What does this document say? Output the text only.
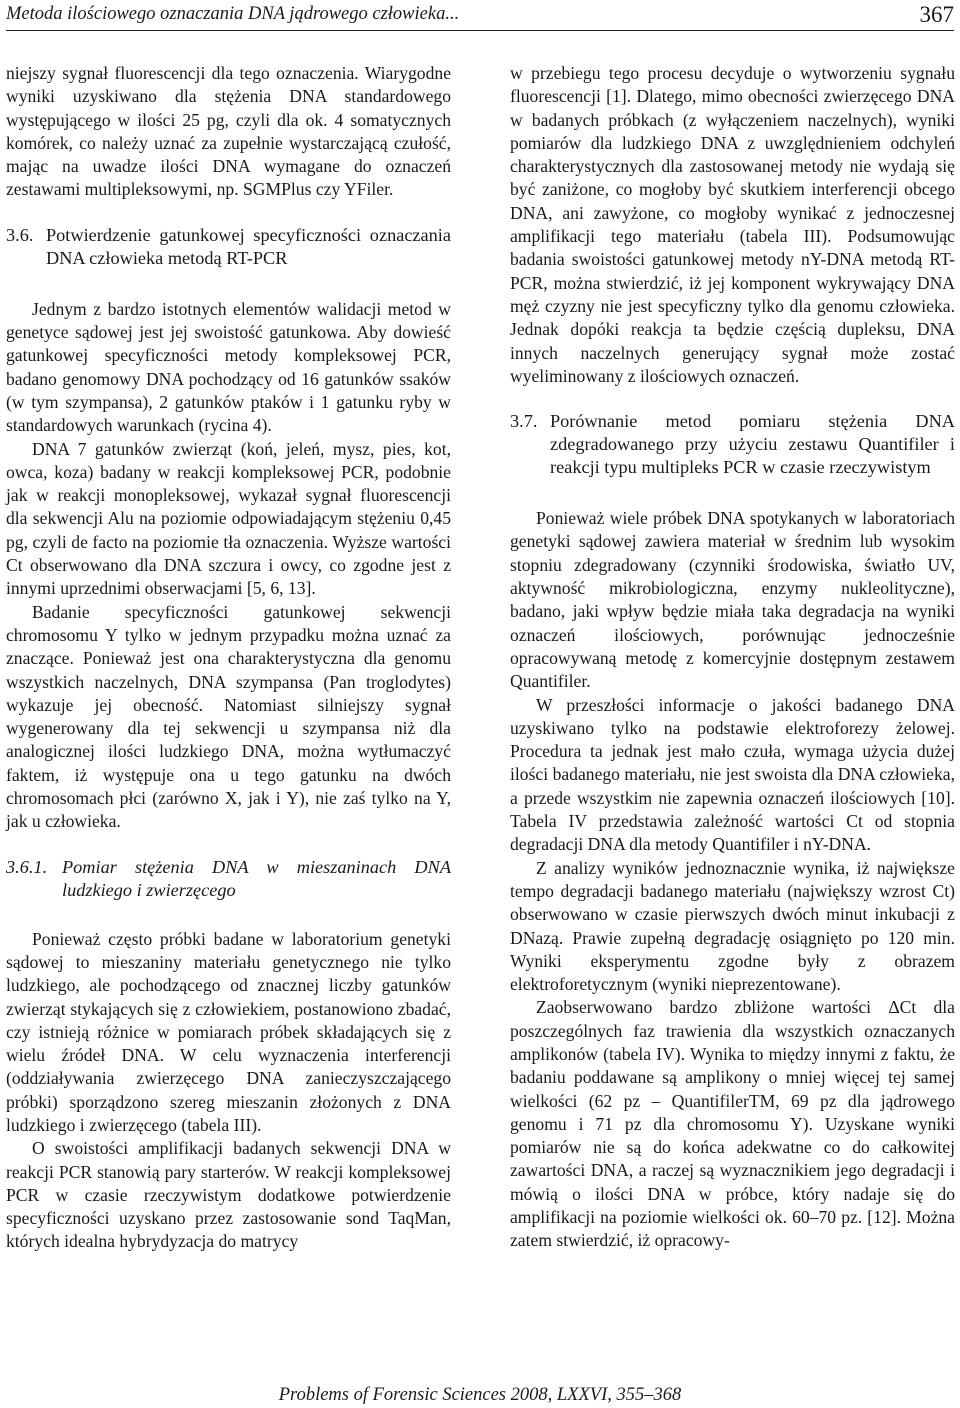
Metoda ilościowego oznaczania DNA jądrowego człowieka...	367

niejszy sygnał fluorescencji dla tego oznaczenia. Wiarygodne wyniki uzyskiwano dla stężenia DNA standardowego występującego w ilości 25 pg, czyli dla ok. 4 somatycznych komórek, co należy uznać za zupełnie wystarczającą czułość, mając na uwadze ilości DNA wymagane do oznaczeń zestawami multipleksowymi, np. SGMPlus czy YFiler.

3.6. Potwierdzenie gatunkowej specyficzności oznaczania DNA człowieka metodą RT-PCR

Jednym z bardzo istotnych elementów walidacji metod w genetyce sądowej jest jej swoistość gatunkowa. Aby dowieść gatunkowej specyficzności metody kompleksowej PCR, badano genomowy DNA pochodzący od 16 gatunków ssaków (w tym szympansa), 2 gatunków ptaków i 1 gatunku ryby w standardowych warunkach (rycina 4).

DNA 7 gatunków zwierząt (koń, jeleń, mysz, pies, kot, owca, koza) badany w reakcji kompleksowej PCR, podobnie jak w reakcji monopleksowej, wykazał sygnał fluorescencji dla sekwencji Alu na poziomie odpowiadającym stężeniu 0,45 pg, czyli de facto na poziomie tła oznaczenia. Wyższe wartości Ct obserwowano dla DNA szczura i owcy, co zgodne jest z innymi uprzednimi obserwacjami [5, 6, 13].

Badanie specyficzności gatunkowej sekwencji chromosomu Y tylko w jednym przypadku można uznać za znaczące. Ponieważ jest ona charakterystyczna dla genomu wszystkich naczelnych, DNA szympansa (Pan troglodytes) wykazuje jej obecność. Natomiast silniejszy sygnał wygenerowany dla tej sekwencji u szympansa niż dla analogicznej ilości ludzkiego DNA, można wytłumaczyć faktem, iż występuje ona u tego gatunku na dwóch chromosomach płci (zarówno X, jak i Y), nie zaś tylko na Y, jak u człowieka.

3.6.1. Pomiar stężenia DNA w mieszaninach DNA ludzkiego i zwierzęcego

Ponieważ często próbki badane w laboratorium genetyki sądowej to mieszaniny materiału genetycznego nie tylko ludzkiego, ale pochodzącego od znacznej liczby gatunków zwierząt stykających się z człowiekiem, postanowiono zbadać, czy istnieją różnice w pomiarach próbek składających się z wielu źródeł DNA. W celu wyznaczenia interferencji (oddziaływania zwierzęcego DNA zanieczyszczającego próbki) sporządzono szereg mieszanin złożonych z DNA ludzkiego i zwierzęcego (tabela III).

O swoistości amplifikacji badanych sekwencji DNA w reakcji PCR stanowią pary starterów. W reakcji kompleksowej PCR w czasie rzeczywistym dodatkowe potwierdzenie specyficzności uzyskano przez zastosowanie sond TaqMan, których idealna hybrydyzacja do matrycy

w przebiegu tego procesu decyduje o wytworzeniu sygnału fluorescencji [1]. Dlatego, mimo obecności zwierzęcego DNA w badanych próbkach (z wyłączeniem naczelnych), wyniki pomiarów dla ludzkiego DNA z uwzględnieniem odchyleń charakterystycznych dla zastosowanej metody nie wydają się być zaniżone, co mogłoby być skutkiem interferencji obcego DNA, ani zawyżone, co mogłoby wynikać z jednoczesnej amplifikacji tego materiału (tabela III). Podsumowując badania swoistości gatunkowej metody nY-DNA metodą RT-PCR, można stwierdzić, iż jej komponent wykrywający DNA męż czyzny nie jest specyficzny tylko dla genomu człowieka. Jednak dopóki reakcja ta będzie częścią dupleksu, DNA innych naczelnych generujący sygnał może zostać wyeliminowany z ilościowych oznaczeń.

3.7. Porównanie metod pomiaru stężenia DNA zdegradowanego przy użyciu zestawu Quantifiler i reakcji typu multipleks PCR w czasie rzeczywistym

Ponieważ wiele próbek DNA spotykanych w laboratoriach genetyki sądowej zawiera materiał w średnim lub wysokim stopniu zdegradowany (czynniki środowiska, światło UV, aktywność mikrobiologiczna, enzymy nukleolityczne), badano, jaki wpływ będzie miała taka degradacja na wyniki oznaczeń ilościowych, porównując jednocześnie opracowywaną metodę z komercyjnie dostępnym zestawem Quantifiler.

W przeszłości informacje o jakości badanego DNA uzyskiwano tylko na podstawie elektroforezy żelowej. Procedura ta jednak jest mało czuła, wymaga użycia dużej ilości badanego materiału, nie jest swoista dla DNA człowieka, a przede wszystkim nie zapewnia oznaczeń ilościowych [10]. Tabela IV przedstawia zależność wartości Ct od stopnia degradacji DNA dla metody Quantifiler i nY-DNA.

Z analizy wyników jednoznacznie wynika, iż największe tempo degradacji badanego materiału (największy wzrost Ct) obserwowano w czasie pierwszych dwóch minut inkubacji z DNazą. Prawie zupełną degradację osiągnięto po 120 min. Wyniki eksperymentu zgodne były z obrazem elektroforetycznym (wyniki nieprezentowane).

Zaobserwowano bardzo zbliżone wartości ΔCt dla poszczególnych faz trawienia dla wszystkich oznaczanych amplikonów (tabela IV). Wynika to między innymi z faktu, że badaniu poddawane są amplikony o mniej więcej tej samej wielkości (62 pz – QuantifilerTM, 69 pz dla jądrowego genomu i 71 pz dla chromosomu Y). Uzyskane wyniki pomiarów nie są do końca adekwatne co do całkowitej zawartości DNA, a raczej są wyznacznikiem jego degradacji i mówią o ilości DNA w próbce, który nadaje się do amplifikacji na poziomie wielkości ok. 60–70 pz. [12]. Można zatem stwierdzić, iż opracowy-

Problems of Forensic Sciences 2008, LXXVI, 355–368
